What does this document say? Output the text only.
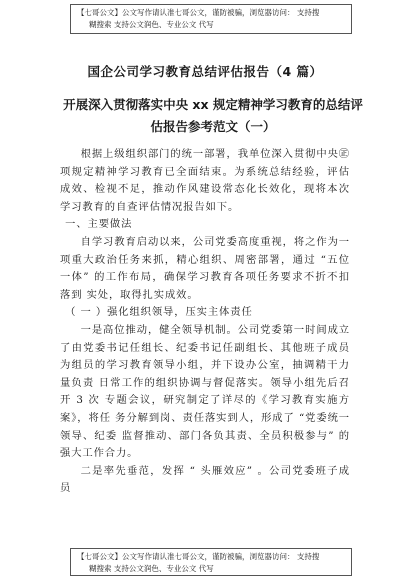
【七哥公文】公文写作请认准七哥公文，谨防被骗，浏览器访问： 支持搜
糊搜索 支持公文润色、专业公文 代写
国企公司学习教育总结评估报告（4 篇）
开展深入贯彻落实中央 xx 规定精神学习教育的总结评估报告参考范文（一）

根据上级组织部门的统一部署，我单位深入贯彻中央㊣项规定精神学习教育已全面结束。为系统总结经验，评估成效、检视不足，推动作风建设常态化长效化，现将本次学习教育的自查评估情况报告如下。

一、主要做法

自学习教育启动以来，公司党委高度重视，将之作为一项重大政治任务来抓，精心组织、周密部署，通过 “五位一体” 的工作布局，确保学习教育各项任务要求不折不扣落到 实处，取得扎实成效。

（ 一 ）强化组织领导，压实主体责任

一是高位推动，健全领导机制。公司党委第一时间成立了由党委书记任组长、纪委书记任副组长、其他班子成员为组员的学习教育领导小组，并下设办公室，抽调精干力量负责 日常工作的组织协调与督促落实。领导小组先后召开 3 次 专题会议，研究制定了详尽的《学习教育实施方案》，将任 务分解到岗、责任落实到人，形成了 “党委统一领导、纪委 监督推动、部门各负其责、全员积极参与” 的强大工作合力。

二是率先垂范，发挥 “ 头雁效应” 。公司党委班子成员

【七哥公文】公文写作请认准七哥公文，谨防被骗，浏览器访问： 支持搜
糊搜索 支持公文润色、专业公文 代写
